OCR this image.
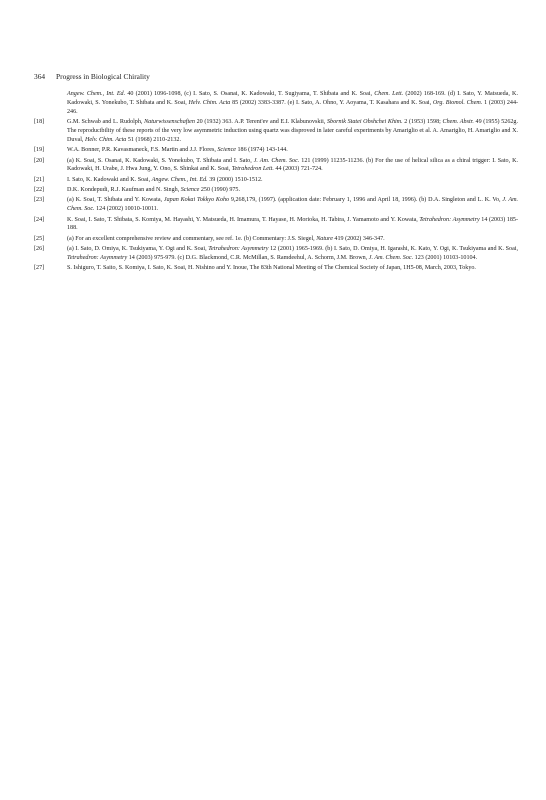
364 Progress in Biological Chirality
Angew. Chem., Int. Ed. 40 (2001) 1096-1098, (c) I. Sato, S. Osanai, K. Kadowaki, T. Sugiyama, T. Shibata and K. Soai, Chem. Lett. (2002) 168-169. (d) I. Sato, Y. Matsueda, K. Kadowaki, S. Yonekubo, T. Shibata and K. Soai, Helv. Chim. Acta 85 (2002) 3383-3387. (e) I. Sato, A. Ohno, Y. Aoyama, T. Kasahara and K. Soai, Org. Biomol. Chem. 1 (2003) 244-246.
[18]	G.M. Schwab and L. Rudolph, Naturwissenschaften 20 (1932) 363. A.P. Terent'ev and E.I. Klabunovskii, Sbornik Statei Obshchei Khim. 2 (1953) 1598; Chem. Abstr. 49 (1955) 5262g. The reproducibility of these reports of the very low asymmetric induction using quartz was disproved in later careful experiments by Amariglio et al. A. Amariglio, H. Amariglio and X. Duval, Helv. Chim. Acta 51 (1968) 2110-2132.
[19]	W.A. Bonner, P.R. Kavasmaneck, F.S. Martin and J.J. Flores, Science 186 (1974) 143-144.
[20]	(a) K. Soai, S. Osanai, K. Kadowaki, S. Yonekubo, T. Shibata and I. Sato, J. Am. Chem. Soc. 121 (1999) 11235-11236. (b) For the use of helical silica as a chiral trigger: I. Sato, K. Kadowaki, H. Urabe, J. Hwa Jung, Y. Ono, S. Shinkai and K. Soai, Tetrahedron Lett. 44 (2003) 721-724.
[21]	I. Sato, K. Kadowaki and K. Soai, Angew. Chem., Int. Ed. 39 (2000) 1510-1512.
[22]	D.K. Kondepudi, R.J. Kaufman and N. Singh, Science 250 (1990) 975.
[23]	(a) K. Soai, T. Shibata and Y. Kowata, Japan Kokai Tokkyo Koho 9,268,179, (1997). (application date: February 1, 1996 and April 18, 1996). (b) D.A. Singleton and L. K. Vo, J. Am. Chem. Soc. 124 (2002) 10010-10011.
[24]	K. Soai, I. Sato, T. Shibata, S. Komiya, M. Hayashi, Y. Matsueda, H. Imamura, T. Hayase, H. Morioka, H. Tabira, J. Yamamoto and Y. Kowata, Tetrahedron: Asymmetry 14 (2003) 185-188.
[25]	(a) For an excellent comprehensive review and commentary, see ref. 1e. (b) Commentary: J.S. Siegel, Nature 419 (2002) 346-347.
[26]	(a) I. Sato, D. Omiya, K. Tsukiyama, Y. Ogi and K. Soai, Tetrahedron: Asymmetry 12 (2001) 1965-1969. (b) I. Sato, D. Omiya, H. Igarashi, K. Kato, Y. Ogi, K. Tsukiyama and K. Soai, Tetrahedron: Asymmetry 14 (2003) 975-979. (c) D.G. Blackmond, C.R. McMillan, S. Ramdeehul, A. Schorm, J.M. Brown, J. Am. Chem. Soc. 123 (2001) 10103-10104.
[27]	S. Ishiguro, T. Saito, S. Komiya, I. Sato, K. Soai, H. Nishino and Y. Inoue, The 83th National Meeting of The Chemical Society of Japan, 1H5-08, March, 2003, Tokyo.
